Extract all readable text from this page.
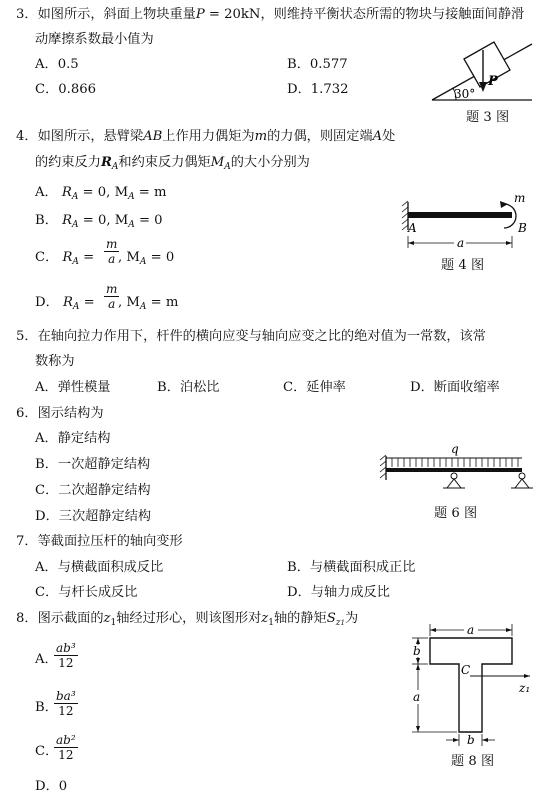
3．如图所示，斜面上物块重量P = 20kN，则维持平衡状态所需的物块与接触面间静滑
动摩擦系数最小值为
A．0.5	B．0.577
C．0.866	D．1.732
P
30°
题 3 图
4．如图所示，悬臂梁AB上作用力偶矩为m的力偶，则固定端A处
的约束反力$R_A$和约束反力偶矩$M_A$的大小分别为
A． $R_A = 0$, $M_A = m$
B． $R_A = 0$, $M_A = 0$
C． $R_A = \frac{m}{a}$
, $M_A = 0$
D． $R_A = \frac{m}{a}$
, $M_A = m$
m
A	B
a
题 4 图
5．在轴向拉力作用下，杆件的横向应变与轴向应变之比的绝对值为一常数，该常
数称为
A．弹性模量	B．泊松比	C．延伸率	D．断面收缩率
6．图示结构为
A．静定结构
B．一次超静定结构
C．二次超静定结构
D．三次超静定结构
q
题 6 图
7．等截面拉压杆的轴向变形
A．与横截面积成反比	B．与横截面积成正比
C．与杆长成反比	D．与轴力成反比
8．图示截面的$z_1$轴经过形心，则该图形对$z_1$轴的静矩$S_{z1}$为
A．
$\frac{\text{ab³}}{12}$
B．
$\frac{\text{ba³}}{12}$
C．
$\frac{\text{ab²}}{12}$
D．0
a
b
a
C
z₁
b
题 8 图
